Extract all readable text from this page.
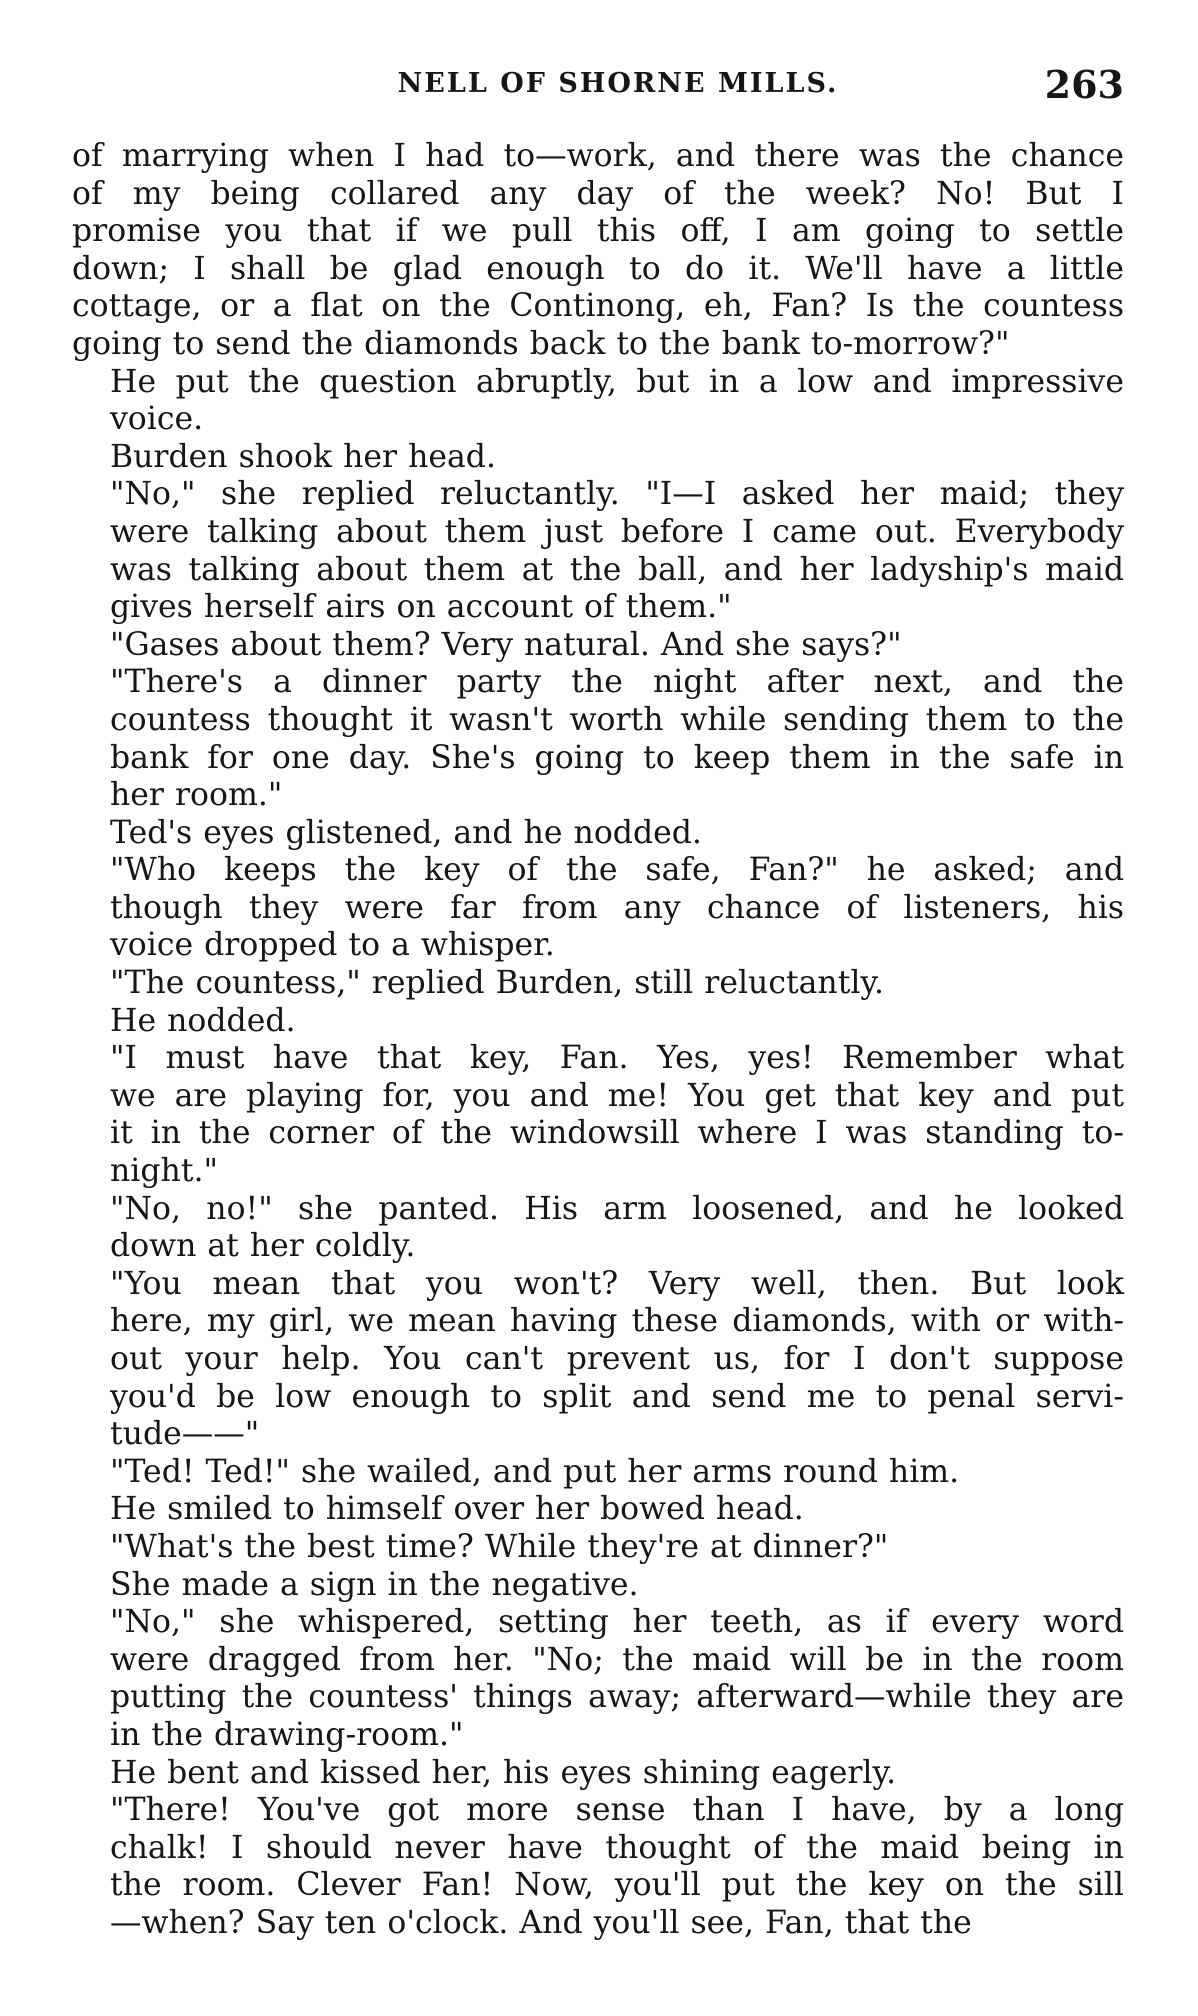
NELL OF SHORNE MILLS.	263
of marrying when I had to—work, and there was the chance
of my being collared any day of the week? No! But I
promise you that if we pull this off, I am going to settle
down; I shall be glad enough to do it. We'll have a little
cottage, or a flat on the Continong, eh, Fan? Is the countess
going to send the diamonds back to the bank to-morrow?"
He put the question abruptly, but in a low and impressive
voice.
Burden shook her head.
"No," she replied reluctantly. "I—I asked her maid; they
were talking about them just before I came out. Everybody
was talking about them at the ball, and her ladyship's maid
gives herself airs on account of them."
"Gases about them? Very natural. And she says?"
"There's a dinner party the night after next, and the
countess thought it wasn't worth while sending them to the
bank for one day. She's going to keep them in the safe in
her room."
Ted's eyes glistened, and he nodded.
"Who keeps the key of the safe, Fan?" he asked; and
though they were far from any chance of listeners, his
voice dropped to a whisper.
"The countess," replied Burden, still reluctantly.
He nodded.
"I must have that key, Fan. Yes, yes! Remember what
we are playing for, you and me! You get that key and put
it in the corner of the windowsill where I was standing to-
night."
"No, no!" she panted. His arm loosened, and he looked
down at her coldly.
"You mean that you won't? Very well, then. But look
here, my girl, we mean having these diamonds, with or with-
out your help. You can't prevent us, for I don't suppose
you'd be low enough to split and send me to penal servi-
tude——"
"Ted! Ted!" she wailed, and put her arms round him.
He smiled to himself over her bowed head.
"What's the best time? While they're at dinner?"
She made a sign in the negative.
"No," she whispered, setting her teeth, as if every word
were dragged from her. "No; the maid will be in the room
putting the countess' things away; afterward—while they are
in the drawing-room."
He bent and kissed her, his eyes shining eagerly.
"There! You've got more sense than I have, by a long
chalk! I should never have thought of the maid being in
the room. Clever Fan! Now, you'll put the key on the sill
—when? Say ten o'clock. And you'll see, Fan, that the
